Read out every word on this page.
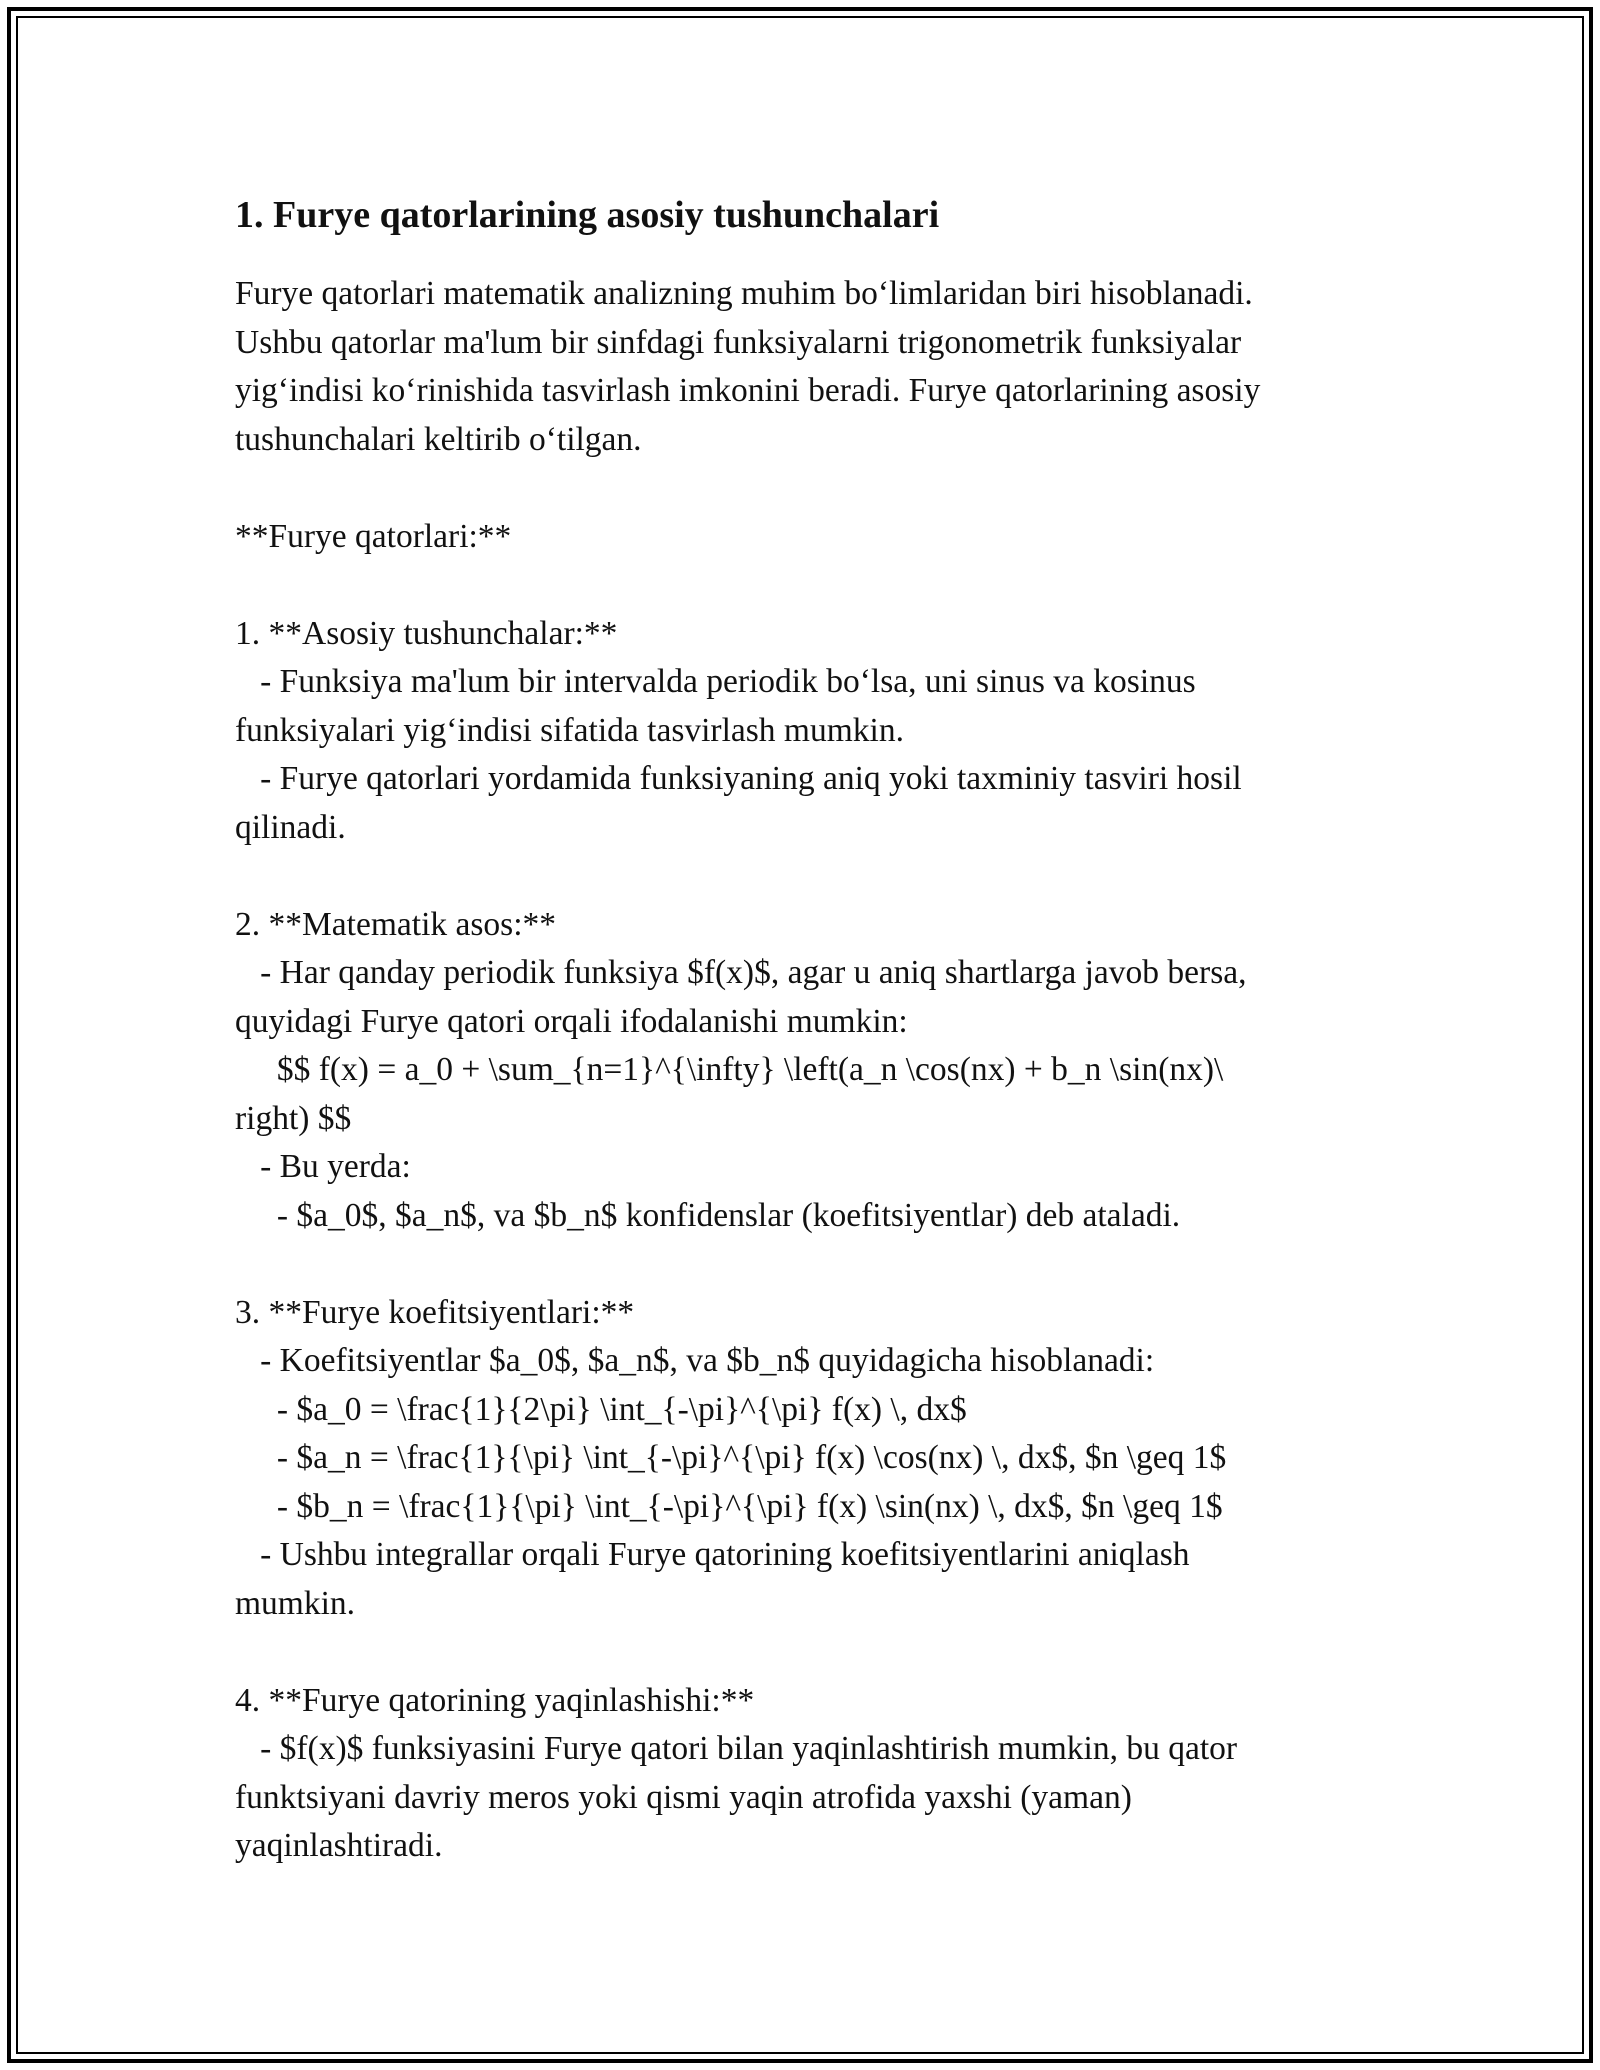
1. Furye qatorlarining asosiy tushunchalari
Furye qatorlari matematik analizning muhim bo‘limlaridan biri hisoblanadi.
Ushbu qatorlar ma'lum bir sinfdagi funksiyalarni trigonometrik funksiyalar
yig‘indisi ko‘rinishida tasvirlash imkonini beradi. Furye qatorlarining asosiy
tushunchalari keltirib o‘tilgan.
**Furye qatorlari:**
1. **Asosiy tushunchalar:**
- Funksiya ma'lum bir intervalda periodik bo‘lsa, uni sinus va kosinus
funksiyalari yig‘indisi sifatida tasvirlash mumkin.
- Furye qatorlari yordamida funksiyaning aniq yoki taxminiy tasviri hosil
qilinadi.
2. **Matematik asos:**
- Har qanday periodik funksiya $f(x)$, agar u aniq shartlarga javob bersa,
quyidagi Furye qatori orqali ifodalanishi mumkin:
$$ f(x) = a_0 + \sum_{n=1}^{\infty} \left(a_n \cos(nx) + b_n \sin(nx)\
right) $$
- Bu yerda:
- $a_0$, $a_n$, va $b_n$ konfidenslar (koefitsiyentlar) deb ataladi.
3. **Furye koefitsiyentlari:**
- Koefitsiyentlar $a_0$, $a_n$, va $b_n$ quyidagicha hisoblanadi:
- $a_0 = \frac{1}{2\pi} \int_{-\pi}^{\pi} f(x) \, dx$
- $a_n = \frac{1}{\pi} \int_{-\pi}^{\pi} f(x) \cos(nx) \, dx$, $n \geq 1$
- $b_n = \frac{1}{\pi} \int_{-\pi}^{\pi} f(x) \sin(nx) \, dx$, $n \geq 1$
- Ushbu integrallar orqali Furye qatorining koefitsiyentlarini aniqlash
mumkin.
4. **Furye qatorining yaqinlashishi:**
- $f(x)$ funksiyasini Furye qatori bilan yaqinlashtirish mumkin, bu qator
funktsiyani davriy meros yoki qismi yaqin atrofida yaxshi (yaman)
yaqinlashtiradi.
